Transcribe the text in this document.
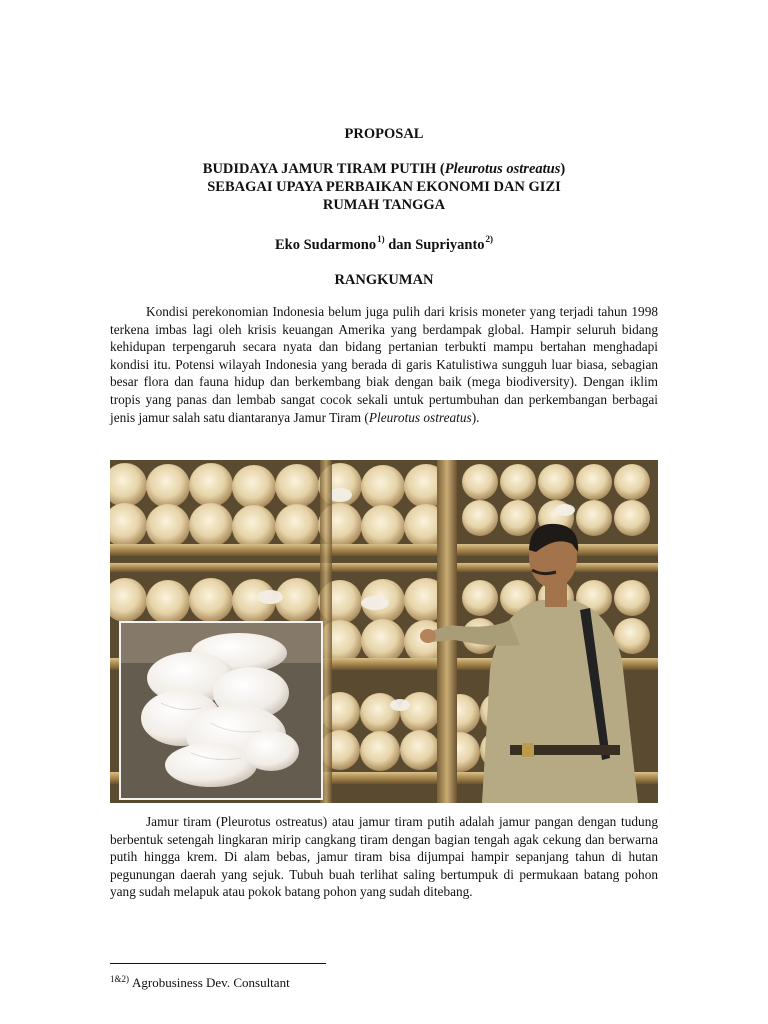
PROPOSAL
BUDIDAYA JAMUR TIRAM PUTIH (Pleurotus ostreatus)
SEBAGAI UPAYA PERBAIKAN EKONOMI DAN GIZI
RUMAH TANGGA
Eko Sudarmono$^{1)}$ dan Supriyanto$^{2)}$
RANGKUMAN

Kondisi perekonomian Indonesia belum juga pulih dari krisis moneter yang terjadi tahun 1998 terkena imbas lagi oleh krisis keuangan Amerika yang berdampak global. Hampir seluruh bidang kehidupan terpengaruh secara nyata dan bidang pertanian terbukti mampu bertahan menghadapi kondisi itu. Potensi wilayah Indonesia yang berada di garis Katulistiwa sungguh luar biasa, sebagian besar flora dan fauna hidup dan berkembang biak dengan baik (mega biodiversity). Dengan iklim tropis yang panas dan lembab sangat cocok sekali untuk pertumbuhan dan perkembangan berbagai jenis jamur salah satu diantaranya Jamur Tiram (Pleurotus ostreatus).

Jamur tiram (Pleurotus ostreatus) atau jamur tiram putih adalah jamur pangan dengan tudung berbentuk setengah lingkaran mirip cangkang tiram dengan bagian tengah agak cekung dan berwarna putih hingga krem. Di alam bebas, jamur tiram bisa dijumpai hampir sepanjang tahun di hutan pegunungan daerah yang sejuk. Tubuh buah terlihat saling bertumpuk di permukaan batang pohon yang sudah melapuk atau pokok batang pohon yang sudah ditebang.

$^{1\&2)}$ Agrobusiness Dev. Consultant
